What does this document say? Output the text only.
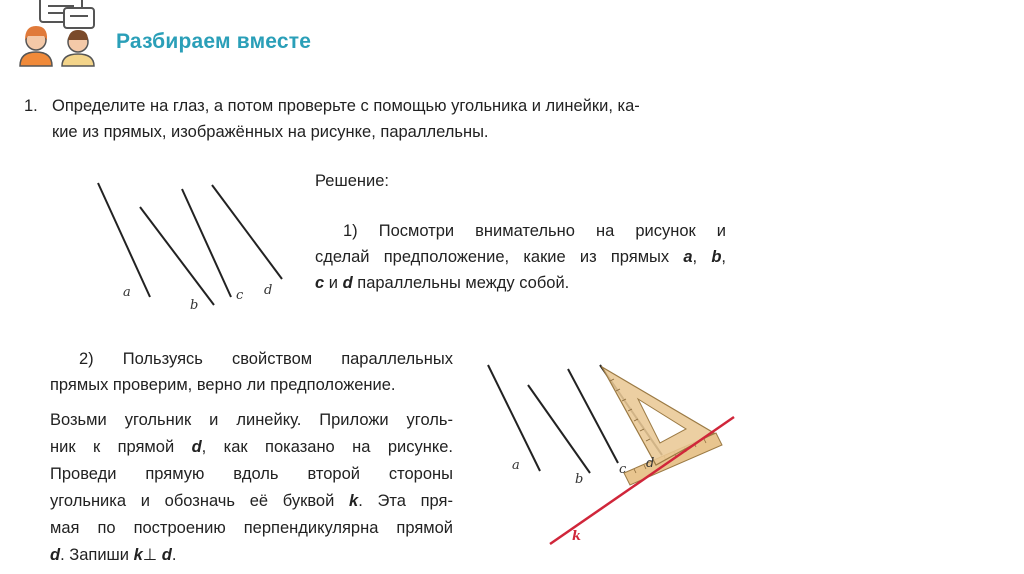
Разбираем вместе
1. Определите на глаз, а потом проверьте с помощью угольника и линейки, ка-
кие из прямых, изображённых на рисунке, параллельны.
a
b
c d
Решение:
1) Посмотри внимательно на рисунок и
сделай предположение, какие из прямых a, b,
c и d параллельны между собой.
2) Пользуясь свойством параллельных
прямых проверим, верно ли предположение.
Возьми угольник и линейку. Приложи уголь-
ник к прямой d, как показано на рисунке.
Проведи прямую вдоль второй стороны
угольника и обозначь её буквой k. Эта пря-
мая по построению перпендикулярна прямой
d. Запиши k⊥ d.
a
b
c d
k
